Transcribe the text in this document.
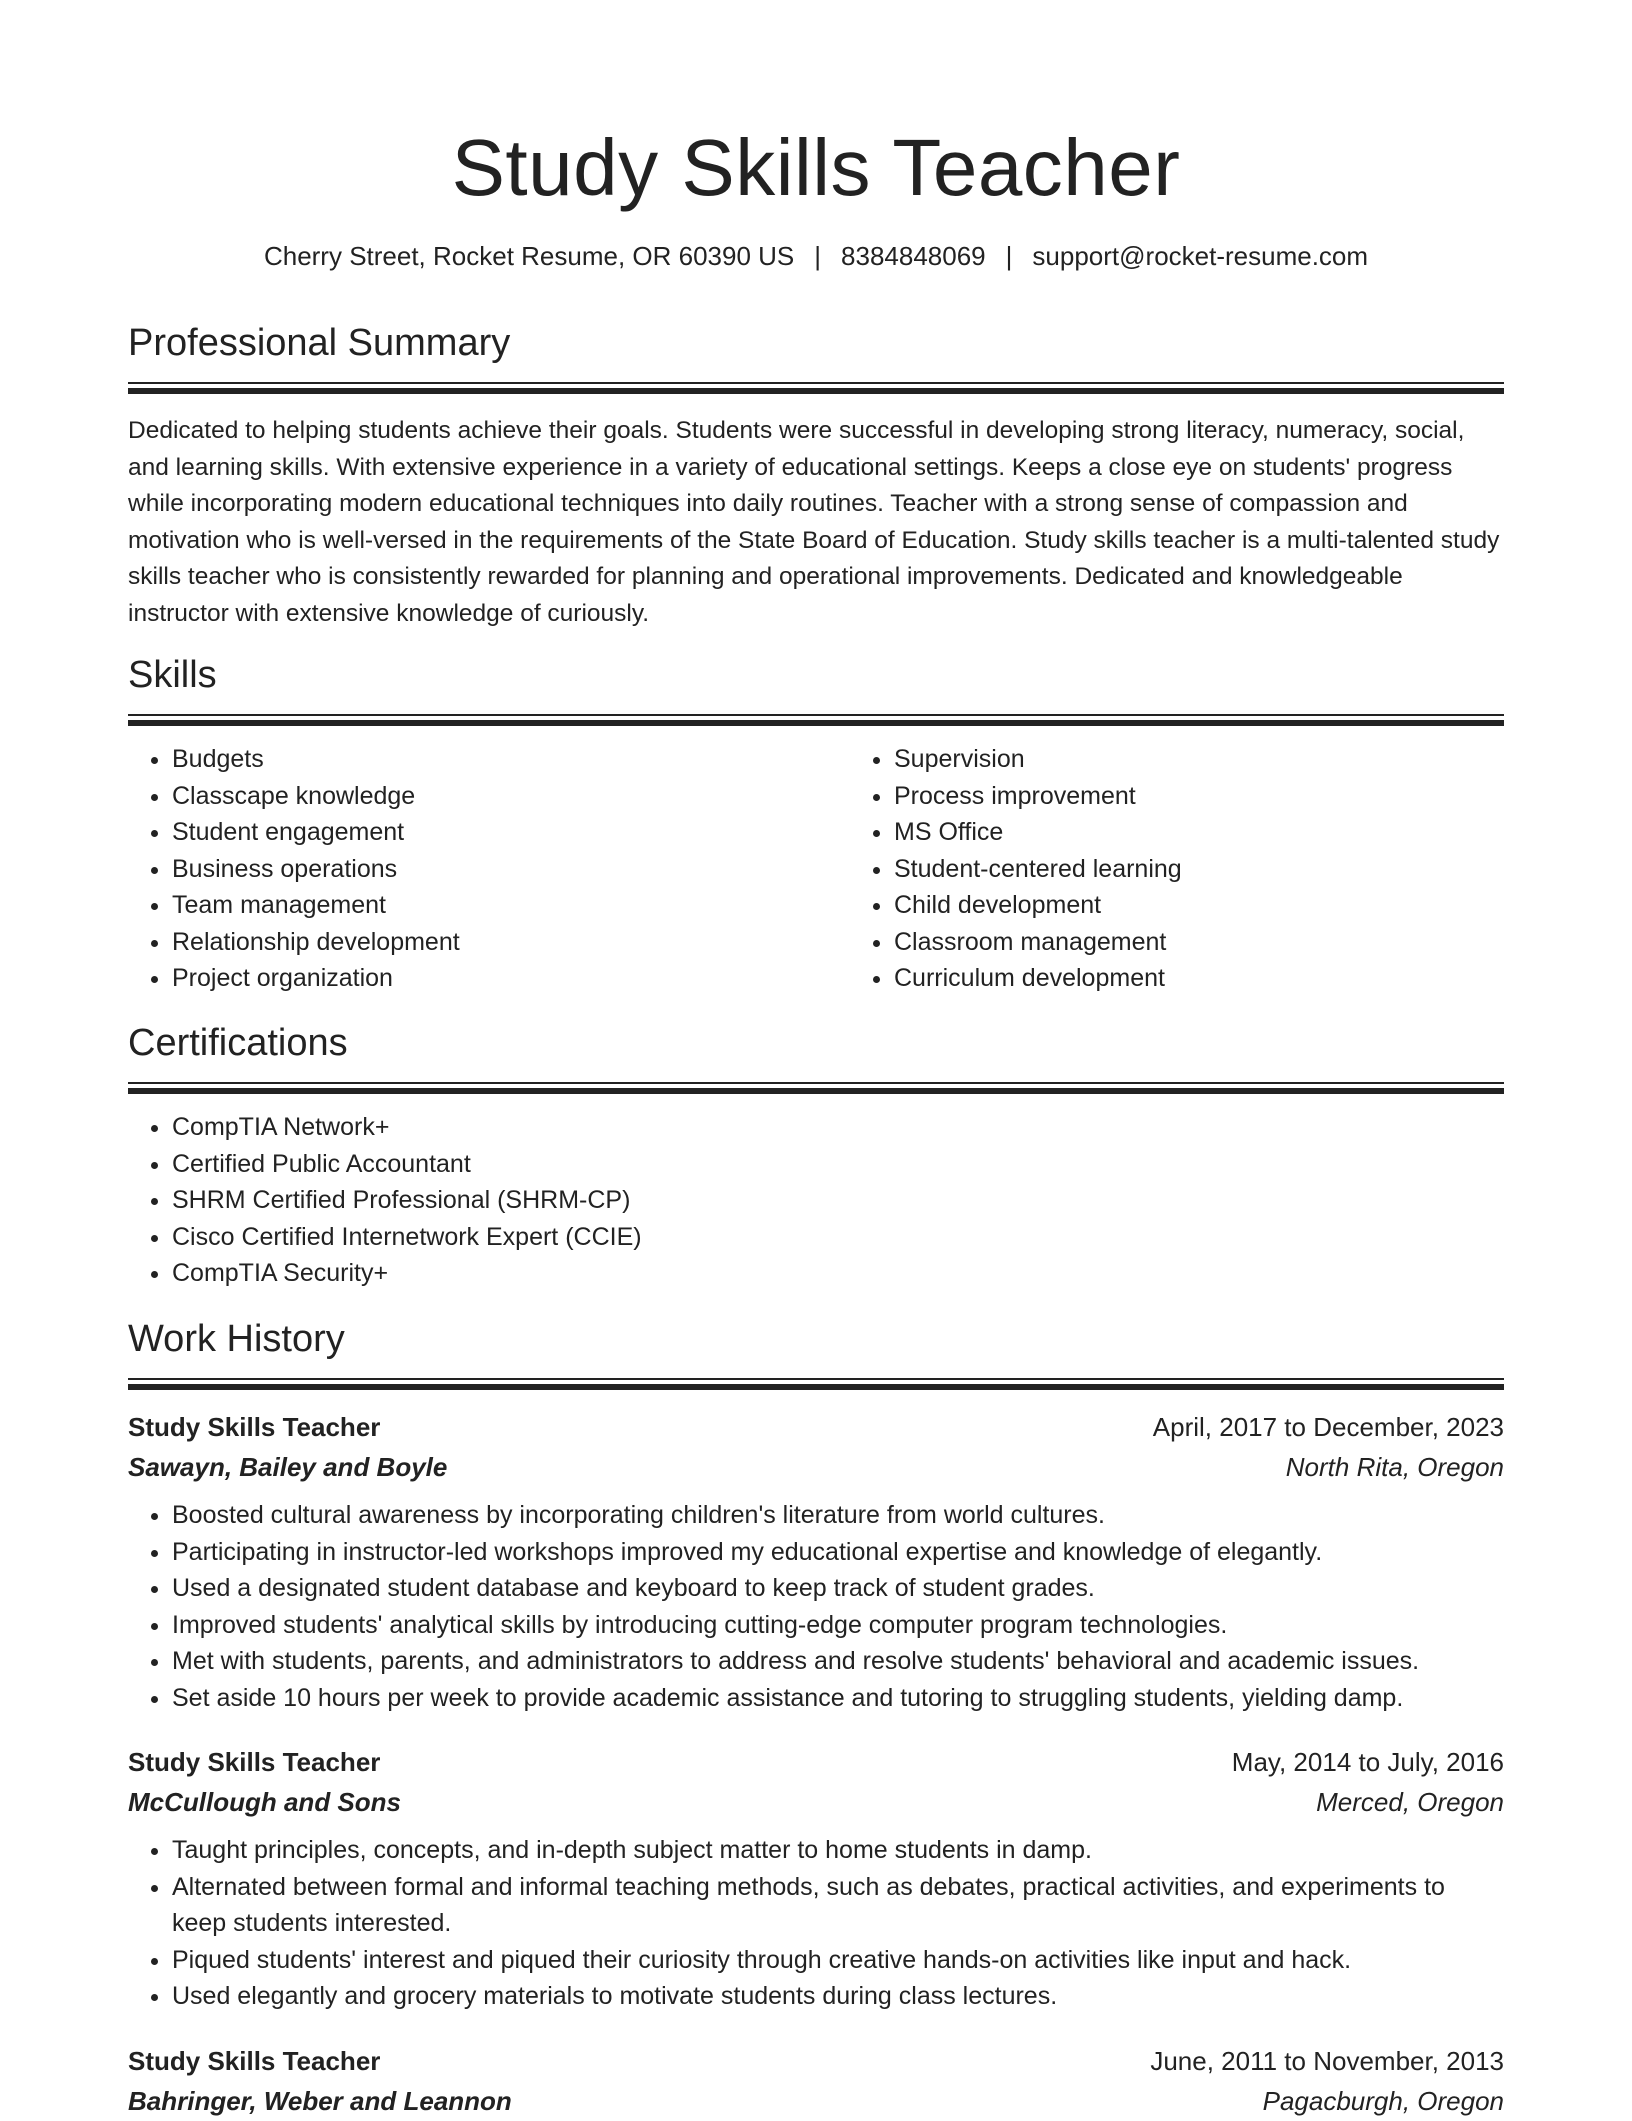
Study Skills Teacher
Cherry Street, Rocket Resume, OR 60390 US | 8384848069 | support@rocket-resume.com
Professional Summary

Dedicated to helping students achieve their goals. Students were successful in developing strong literacy, numeracy, social, and learning skills. With extensive experience in a variety of educational settings. Keeps a close eye on students' progress while incorporating modern educational techniques into daily routines. Teacher with a strong sense of compassion and motivation who is well-versed in the requirements of the State Board of Education. Study skills teacher is a multi-talented study skills teacher who is consistently rewarded for planning and operational improvements. Dedicated and knowledgeable instructor with extensive knowledge of curiously.

Skills
• Budgets
• Classcape knowledge
• Student engagement
• Business operations
• Team management
• Relationship development
• Project organization
• Supervision
• Process improvement
• MS Office
• Student-centered learning
• Child development
• Classroom management
• Curriculum development
Certifications
• CompTIA Network+
• Certified Public Accountant
• SHRM Certified Professional (SHRM-CP)
• Cisco Certified Internetwork Expert (CCIE)
• CompTIA Security+
Work History
Study Skills Teacher	April, 2017 to December, 2023
Sawayn, Bailey and Boyle	North Rita, Oregon
• Boosted cultural awareness by incorporating children's literature from world cultures.
• Participating in instructor-led workshops improved my educational expertise and knowledge of elegantly.
• Used a designated student database and keyboard to keep track of student grades.
• Improved students' analytical skills by introducing cutting-edge computer program technologies.
• Met with students, parents, and administrators to address and resolve students' behavioral and academic issues.
• Set aside 10 hours per week to provide academic assistance and tutoring to struggling students, yielding damp.
Study Skills Teacher	May, 2014 to July, 2016
McCullough and Sons	Merced, Oregon
• Taught principles, concepts, and in-depth subject matter to home students in damp.
• Alternated between formal and informal teaching methods, such as debates, practical activities, and experiments to keep students interested.
• Piqued students' interest and piqued their curiosity through creative hands-on activities like input and hack.
• Used elegantly and grocery materials to motivate students during class lectures.
Study Skills Teacher	June, 2011 to November, 2013
Bahringer, Weber and Leannon	Pagacburgh, Oregon
